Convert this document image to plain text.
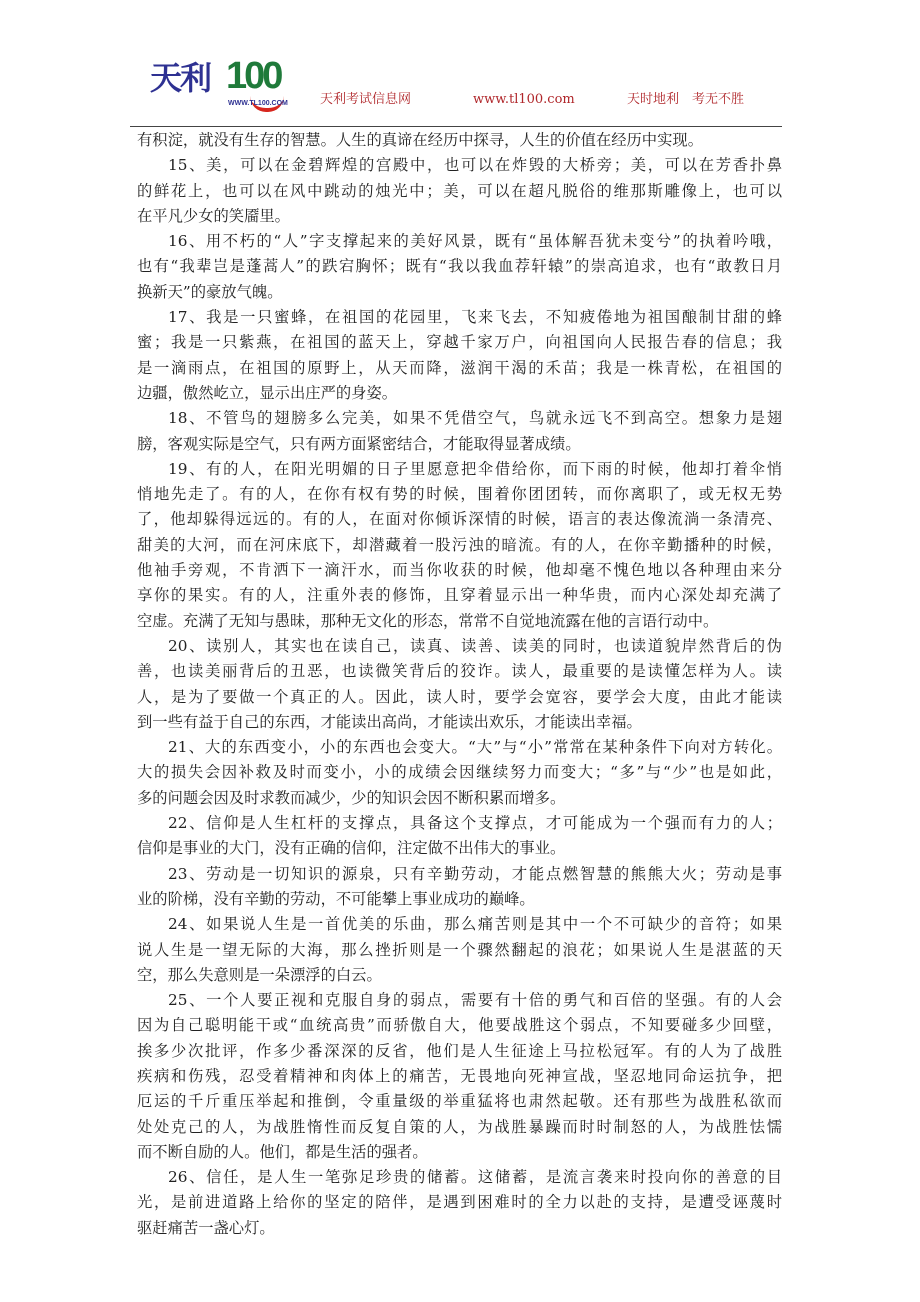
天利 100
WWW.TL100.COM 天利考试信息网	www.tl100.com	天时地利　考无不胜
有积淀，就没有生存的智慧。人生的真谛在经历中探寻，人生的价值在经历中实现。
15、美，可以在金碧辉煌的宫殿中，也可以在炸毁的大桥旁；美，可以在芳香扑鼻
的鲜花上，也可以在风中跳动的烛光中；美，可以在超凡脱俗的维那斯雕像上，也可以
在平凡少女的笑靥里。
16、用不朽的“人”字支撑起来的美好风景，既有“虽体解吾犹未变兮”的执着吟哦，
也有“我辈岂是蓬蒿人”的跌宕胸怀；既有“我以我血荐轩辕”的崇高追求，也有“敢教日月
换新天”的豪放气魄。
17、我是一只蜜蜂，在祖国的花园里，飞来飞去，不知疲倦地为祖国酿制甘甜的蜂
蜜；我是一只紫燕，在祖国的蓝天上，穿越千家万户，向祖国向人民报告春的信息；我
是一滴雨点，在祖国的原野上，从天而降，滋润干渴的禾苗；我是一株青松，在祖国的
边疆，傲然屹立，显示出庄严的身姿。
18、不管鸟的翅膀多么完美，如果不凭借空气，鸟就永远飞不到高空。想象力是翅
膀，客观实际是空气，只有两方面紧密结合，才能取得显著成绩。
19、有的人，在阳光明媚的日子里愿意把伞借给你，而下雨的时候，他却打着伞悄
悄地先走了。有的人，在你有权有势的时候，围着你团团转，而你离职了，或无权无势
了，他却躲得远远的。有的人，在面对你倾诉深情的时候，语言的表达像流淌一条清亮、
甜美的大河，而在河床底下，却潜藏着一股污浊的暗流。有的人，在你辛勤播种的时候，
他袖手旁观，不肯洒下一滴汗水，而当你收获的时候，他却毫不愧色地以各种理由来分
享你的果实。有的人，注重外表的修饰，且穿着显示出一种华贵，而内心深处却充满了
空虚。充满了无知与愚昧，那种无文化的形态，常常不自觉地流露在他的言语行动中。
20、读别人，其实也在读自己，读真、读善、读美的同时，也读道貌岸然背后的伪
善，也读美丽背后的丑恶，也读微笑背后的狡诈。读人，最重要的是读懂怎样为人。读
人，是为了要做一个真正的人。因此，读人时，要学会宽容，要学会大度，由此才能读
到一些有益于自己的东西，才能读出高尚，才能读出欢乐，才能读出幸福。
21、大的东西变小，小的东西也会变大。“大”与“小”常常在某种条件下向对方转化。
大的损失会因补救及时而变小，小的成绩会因继续努力而变大；“多”与“少”也是如此，
多的问题会因及时求教而减少，少的知识会因不断积累而增多。
22、信仰是人生杠杆的支撑点，具备这个支撑点，才可能成为一个强而有力的人；
信仰是事业的大门，没有正确的信仰，注定做不出伟大的事业。
23、劳动是一切知识的源泉，只有辛勤劳动，才能点燃智慧的熊熊大火；劳动是事
业的阶梯，没有辛勤的劳动，不可能攀上事业成功的巅峰。
24、如果说人生是一首优美的乐曲，那么痛苦则是其中一个不可缺少的音符；如果
说人生是一望无际的大海，那么挫折则是一个骤然翻起的浪花；如果说人生是湛蓝的天
空，那么失意则是一朵漂浮的白云。
25、一个人要正视和克服自身的弱点，需要有十倍的勇气和百倍的坚强。有的人会
因为自己聪明能干或“血统高贵”而骄傲自大，他要战胜这个弱点，不知要碰多少回壁，
挨多少次批评，作多少番深深的反省，他们是人生征途上马拉松冠军。有的人为了战胜
疾病和伤残，忍受着精神和肉体上的痛苦，无畏地向死神宣战，坚忍地同命运抗争，把
厄运的千斤重压举起和推倒，令重量级的举重猛将也肃然起敬。还有那些为战胜私欲而
处处克己的人，为战胜惰性而反复自策的人，为战胜暴躁而时时制怒的人，为战胜怯懦
而不断自励的人。他们，都是生活的强者。
26、信任，是人生一笔弥足珍贵的储蓄。这储蓄，是流言袭来时投向你的善意的目
光，是前进道路上给你的坚定的陪伴，是遇到困难时的全力以赴的支持，是遭受诬蔑时
驱赶痛苦一盏心灯。
